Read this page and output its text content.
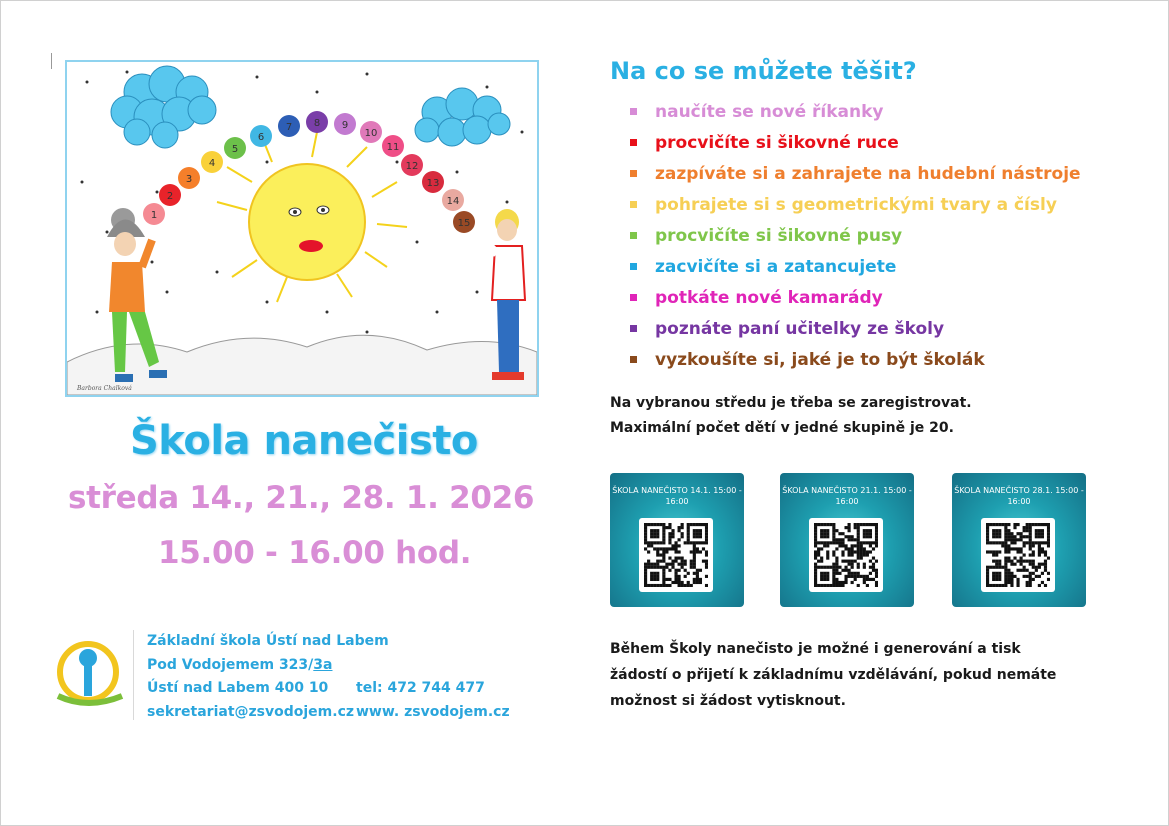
1
2
3
4
5
6
7 8 9
10
11
12
13
14
15
Barbora Chalková
Škola nanečisto
středa 14., 21., 28. 1. 2026
15.00 - 16.00 hod.
Základní škola Ústí nad Labem
Pod Vodojemem 323/3a
Ústí nad Labem 400 10 tel: 472 744 477
sekretariat@zsvodojem.cz www. zsvodojem.cz
Na co se můžete těšit?
naučíte se nové říkanky
procvičíte si šikovné ruce
zazpíváte si a zahrajete na hudební nástroje
pohrajete si s geometrickými tvary a čísly
procvičíte si šikovné pusy
zacvičíte si a zatancujete
potkáte nové kamarády
poznáte paní učitelky ze školy
vyzkoušíte si, jaké je to být školák
Na vybranou středu je třeba se zaregistrovat.
Maximální počet dětí v jedné skupině je 20.
ŠKOLA NANEČISTO 14.1. 15:00 -
16:00
ŠKOLA NANEČISTO 21.1. 15:00 -
16:00
ŠKOLA NANEČISTO 28.1. 15:00 -
16:00
Během Školy nanečisto je možné i generování a tisk
žádostí o přijetí k základnímu vzdělávání, pokud nemáte
možnost si žádost vytisknout.
